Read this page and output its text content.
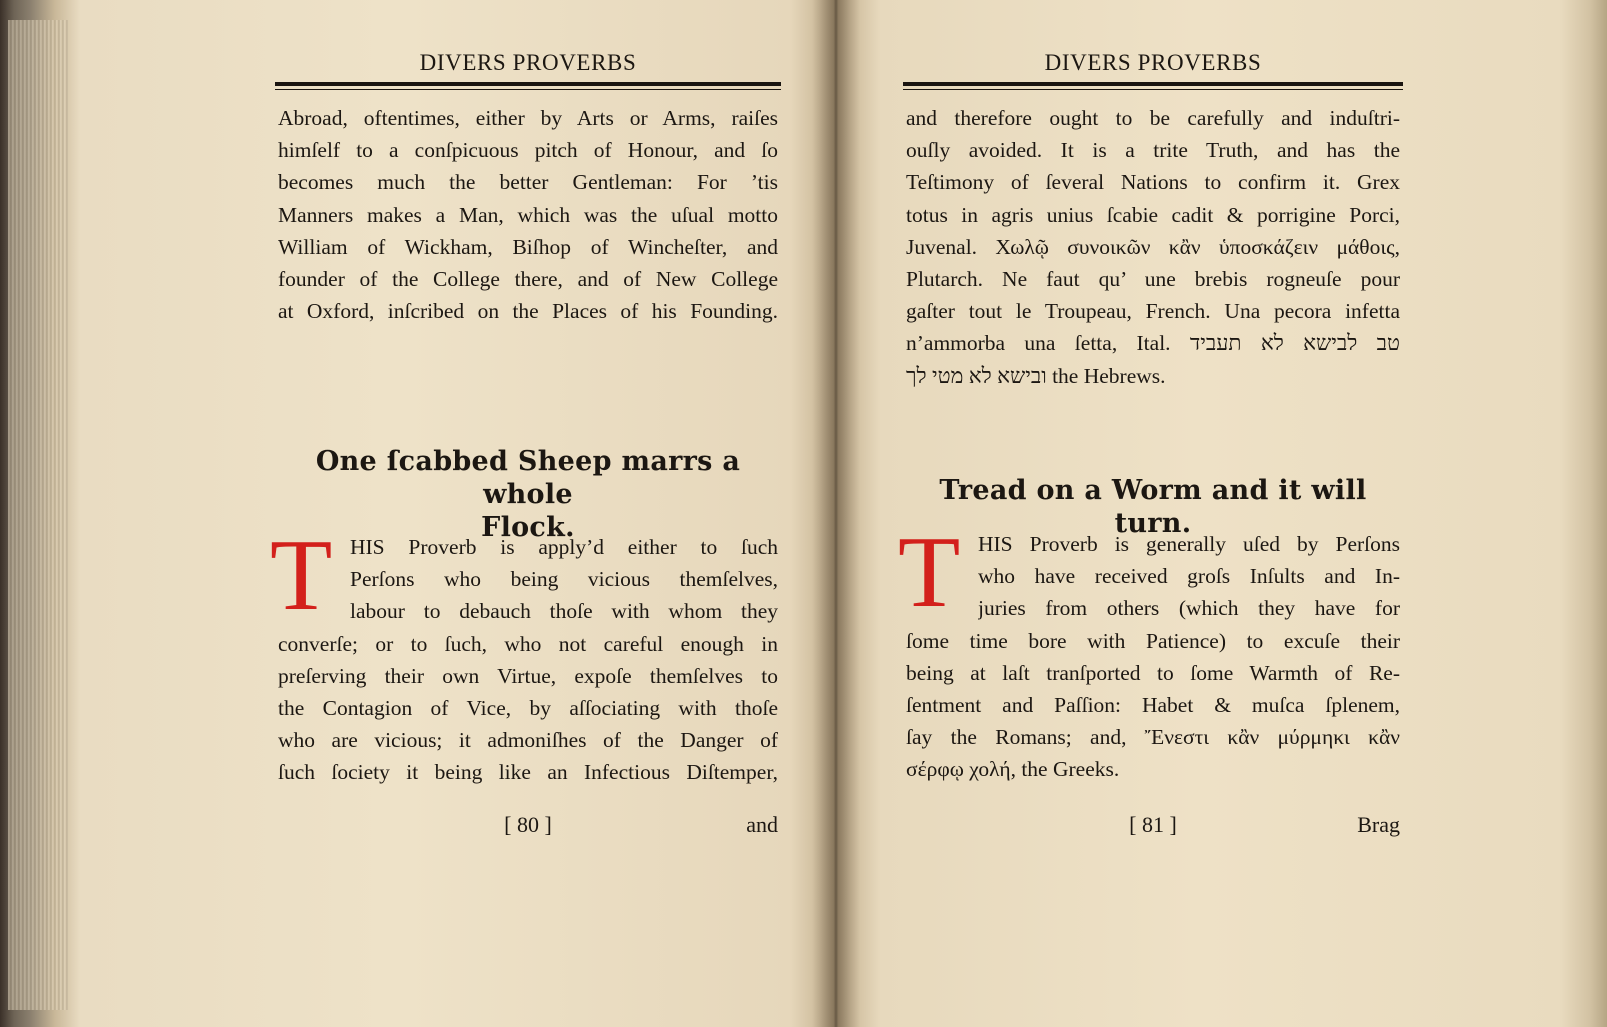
DIVERS PROVERBS
Abroad, oftentimes, either by Arts or Arms, raiſes
himſelf to a conſpicuous pitch of Honour, and ſo
becomes much the better Gentleman: For ’tis
Manners makes a Man, which was the uſual motto
William of Wickham, Biſhop of Wincheſter, and
founder of the College there, and of New College
at Oxford, inſcribed on the Places of his Founding.
One ſcabbed Sheep marrs a whole
Flock.
T HIS Proverb is apply’d either to ſuch
Perſons who being vicious themſelves,
labour to debauch thoſe with whom they
converſe; or to ſuch, who not careful enough in
preſerving their own Virtue, expoſe themſelves to
the Contagion of Vice, by aſſociating with thoſe
who are vicious; it admoniſhes of the Danger of
ſuch ſociety it being like an Infectious Diſtemper,
[ 80 ]	and
DIVERS PROVERBS
and therefore ought to be carefully and induſtri-
ouſly avoided. It is a trite Truth, and has the
Teſtimony of ſeveral Nations to confirm it. Grex
totus in agris unius ſcabie cadit & porrigine Porci,
Juvenal. Χωλῷ συνοικῶν κἂν ὑποσκάζειν μάθοις,
Plutarch. Ne faut qu’ une brebis rogneuſe pour
gaſter tout le Troupeau, French. Una pecora infetta
n’ammorba una ſetta, Ital. טב לבישא לא תעביד
ובישא לא מטי לך the Hebrews.
Tread on a Worm and it will turn.
T HIS Proverb is generally uſed by Perſons
who have received groſs Inſults and In-
juries from others (which they have for
ſome time bore with Patience) to excuſe their
being at laſt tranſported to ſome Warmth of Re-
ſentment and Paſſion: Habet & muſca ſplenem,
ſay the Romans; and, Ἔνεστι κἂν μύρμηκι κἂν
σέρφῳ χολή, the Greeks.
[ 81 ]	Brag
